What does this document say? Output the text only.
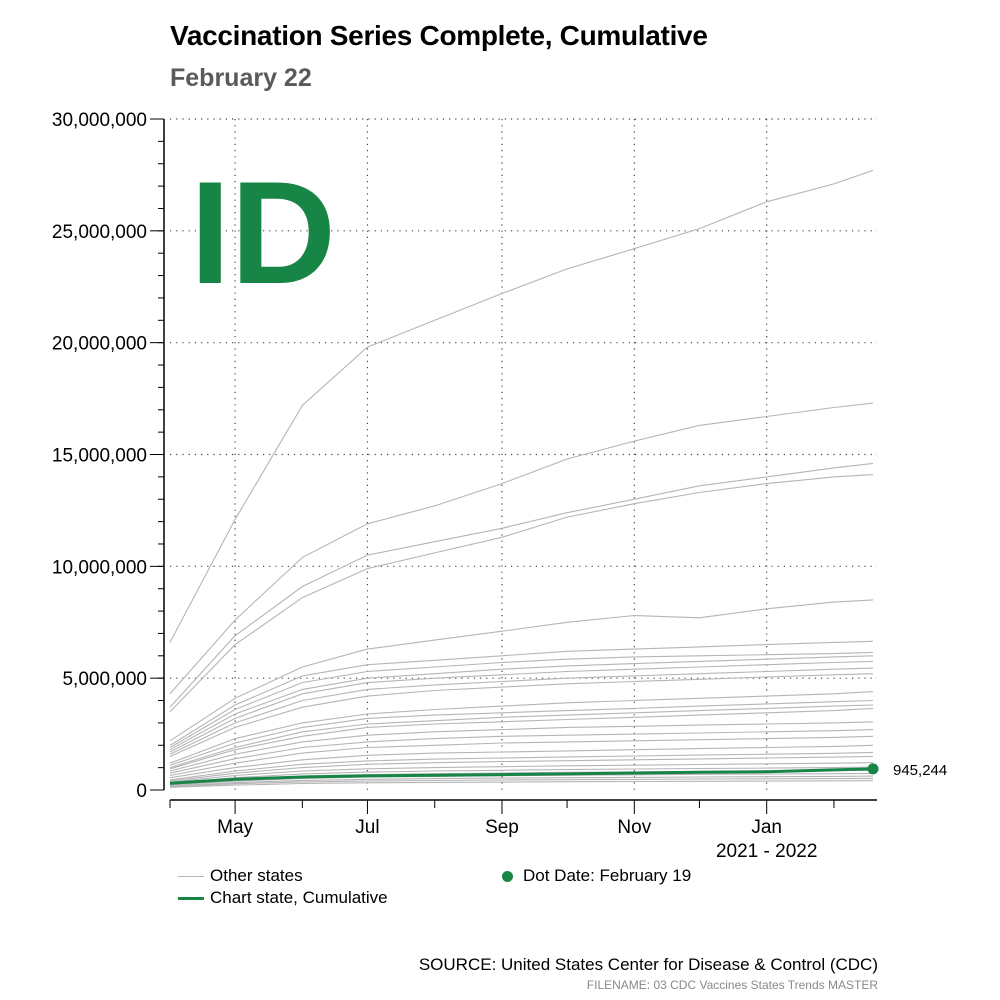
Vaccination Series Complete, Cumulative
February 22
945,244
ID
0
5,000,000
10,000,000
15,000,000
20,000,000
25,000,000
30,000,000
May	Jul	Sep	Nov	Jan
2021 - 2022
Other states
Chart state, Cumulative
Dot Date: February 19
SOURCE: United States Center for Disease & Control (CDC)
FILENAME: 03 CDC Vaccines States Trends MASTER
